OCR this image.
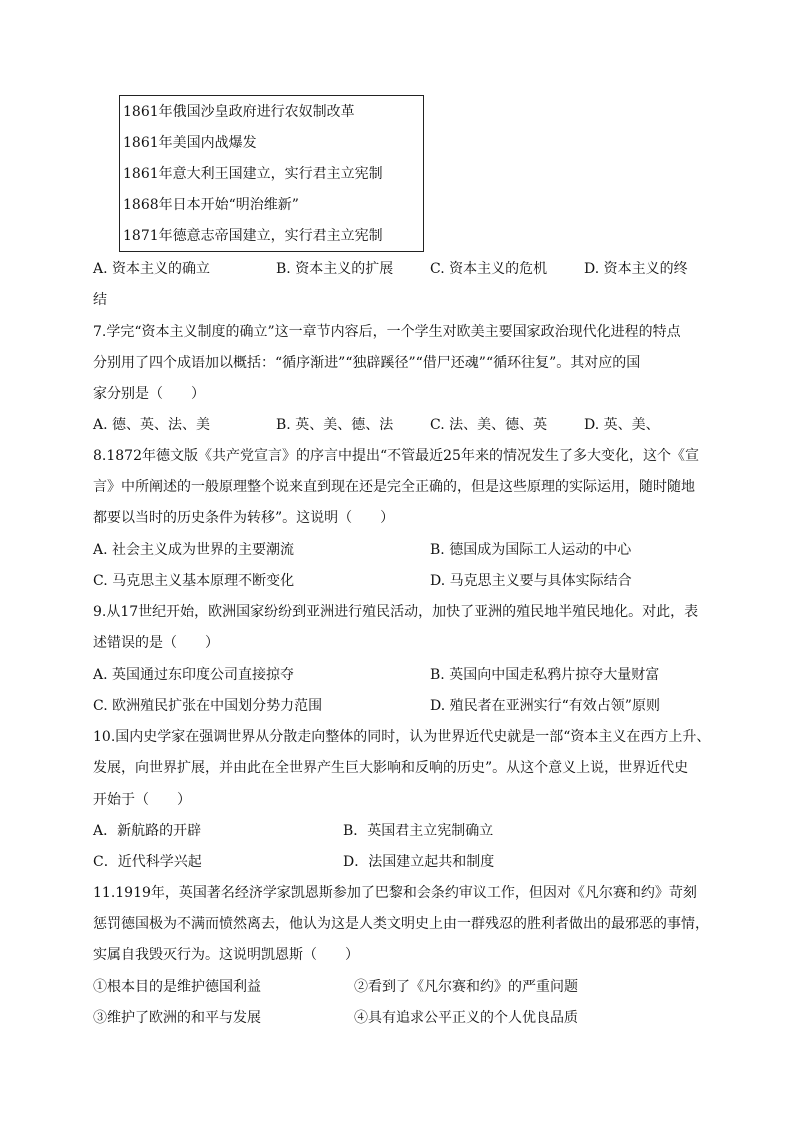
1861年俄国沙皇政府进行农奴制改革
1861年美国内战爆发
1861年意大利王国建立，实行君主立宪制
1868年日本开始“明治维新”
1871年德意志帝国建立，实行君主立宪制
A. 资本主义的确立	B. 资本主义的扩展	C. 资本主义的危机	D. 资本主义的终
结
7.学完“资本主义制度的确立”这一章节内容后，一个学生对欧美主要国家政治现代化进程的特点
分别用了四个成语加以概括：“循序渐进”“独辟蹊径”“借尸还魂”“循环往复”。其对应的国
家分别是（　　）
A. 德、英、法、美	B. 英、美、德、法	C. 法、美、德、英	D. 英、美、
8.1872年德文版《共产党宣言》的序言中提出“不管最近25年来的情况发生了多大变化，这个《宣
言》中所阐述的一般原理整个说来直到现在还是完全正确的，但是这些原理的实际运用，随时随地
都要以当时的历史条件为转移”。这说明（　　）
A. 社会主义成为世界的主要潮流	B. 德国成为国际工人运动的中心
C. 马克思主义基本原理不断变化	D. 马克思主义要与具体实际结合
9.从17世纪开始，欧洲国家纷纷到亚洲进行殖民活动，加快了亚洲的殖民地半殖民地化。对此，表
述错误的是（　　）
A. 英国通过东印度公司直接掠夺	B. 英国向中国走私鸦片掠夺大量财富
C. 欧洲殖民扩张在中国划分势力范围	D. 殖民者在亚洲实行“有效占领”原则
10.国内史学家在强调世界从分散走向整体的同时，认为世界近代史就是一部“资本主义在西方上升、
发展，向世界扩展，并由此在全世界产生巨大影响和反响的历史”。从这个意义上说，世界近代史
开始于（　　）
A．新航路的开辟	B．英国君主立宪制确立
C．近代科学兴起	D．法国建立起共和制度
11.1919年，英国著名经济学家凯恩斯参加了巴黎和会条约审议工作，但因对《凡尔赛和约》苛刻
惩罚德国极为不满而愤然离去，他认为这是人类文明史上由一群残忍的胜利者做出的最邪恶的事情，
实属自我毁灭行为。这说明凯恩斯（　　）
①根本目的是维护德国利益	②看到了《凡尔赛和约》的严重问题
③维护了欧洲的和平与发展	④具有追求公平正义的个人优良品质
